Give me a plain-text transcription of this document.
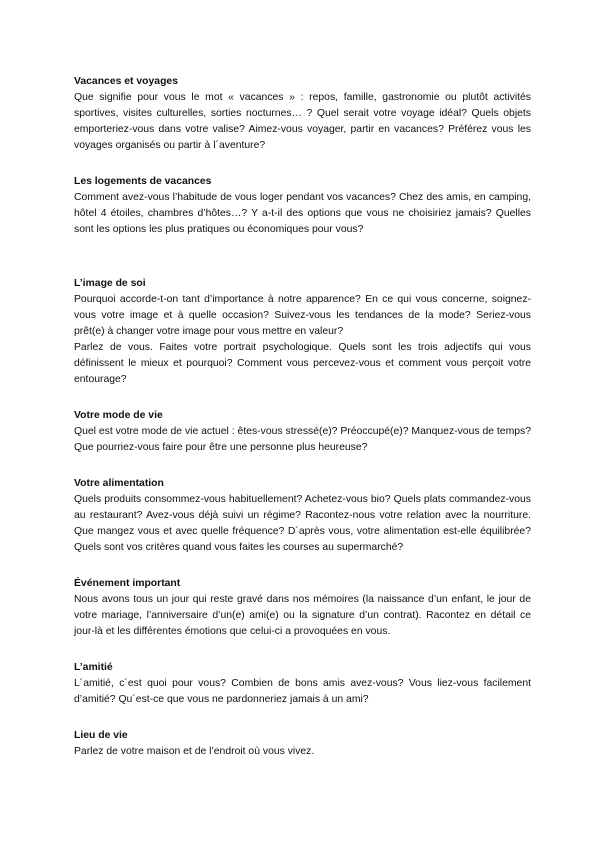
Vacances et voyages

Que signifie pour vous le mot « vacances » : repos, famille, gastronomie ou plutôt activités sportives, visites culturelles, sorties nocturnes… ? Quel serait votre voyage idéal? Quels objets emporteriez-vous dans votre valise? Aimez-vous voyager, partir en vacances? Préférez vous les voyages organisés ou partir à l´aventure?

Les logements de vacances

Comment avez-vous l’habitude de vous loger pendant vos vacances? Chez des amis, en camping, hôtel 4 étoiles, chambres d’hôtes…? Y a-t-il des options que vous ne choisiriez jamais? Quelles sont les options les plus pratiques ou économiques pour vous?

L’image de soi

Pourquoi accorde-t-on tant d’importance à notre apparence? En ce qui vous concerne, soignez-vous votre image et à quelle occasion? Suivez-vous les tendances de la mode? Seriez-vous prêt(e) à changer votre image pour vous mettre en valeur?

Parlez de vous. Faites votre portrait psychologique. Quels sont les trois adjectifs qui vous définissent le mieux et pourquoi? Comment vous percevez-vous et comment vous perçoit votre entourage?

Votre mode de vie

Quel est votre mode de vie actuel : êtes-vous stressé(e)? Préoccupé(e)? Manquez-vous de temps? Que pourriez-vous faire pour être une personne plus heureuse?

Votre alimentation

Quels produits consommez-vous habituellement? Achetez-vous bio? Quels plats commandez-vous au restaurant? Avez-vous déjà suivi un régime? Racontez-nous votre relation avec la nourriture. Que mangez vous et avec quelle fréquence? D´après vous, votre alimentation est-elle équilibrée? Quels sont vos critères quand vous faites les courses au supermarché?

Événement important

Nous avons tous un jour qui reste gravé dans nos mémoires (la naissance d’un enfant, le jour de votre mariage, l’anniversaire d’un(e) ami(e) ou la signature d’un contrat). Racontez en détail ce jour-là et les différentes émotions que celui-ci a provoquées en vous.

L’amitié

L´amitié, c´est quoi pour vous? Combien de bons amis avez-vous? Vous liez-vous facilement d’amitié? Qu´est-ce que vous ne pardonneriez jamais à un ami?

Lieu de vie

Parlez de votre maison et de l’endroit où vous vivez.
